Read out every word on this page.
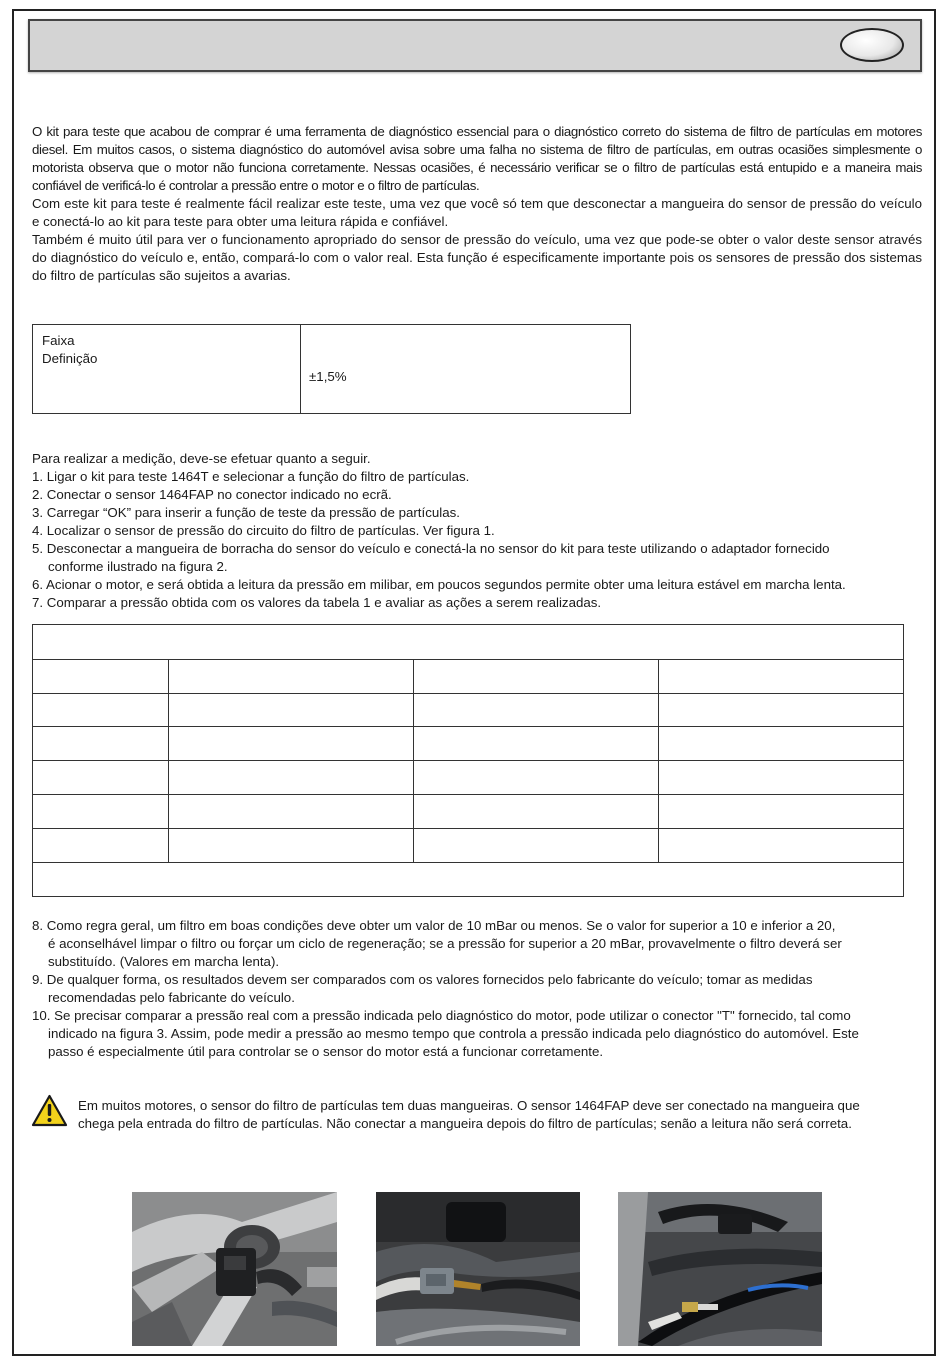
O kit para teste que acabou de comprar é uma ferramenta de diagnóstico essencial para o diagnóstico correto do sistema de filtro de partículas em motores diesel. Em muitos casos, o sistema diagnóstico do automóvel avisa sobre uma falha no sistema de filtro de partículas, em outras ocasiões simplesmente o motorista observa que o motor não funciona corretamente. Nessas ocasiões, é necessário verificar se o filtro de partículas está entupido e a maneira mais confiável de verificá-lo é controlar a pressão entre o motor e o filtro de partículas.

Com este kit para teste é realmente fácil realizar este teste, uma vez que você só tem que desconectar a mangueira do sensor de pressão do veículo e conectá-lo ao kit para teste para obter uma leitura rápida e confiável.

Também é muito útil para ver o funcionamento apropriado do sensor de pressão do veículo, uma vez que pode-se obter o valor deste sensor através do diagnóstico do veículo e, então, compará-lo com o valor real. Esta função é especificamente importante pois os sensores de pressão dos sistemas do filtro de partículas são sujeitos a avarias.

Faixa
Definição
±1,5%
Para realizar a medição, deve-se efetuar quanto a seguir.
1. Ligar o kit para teste 1464T e selecionar a função do filtro de partículas.
2. Conectar o sensor 1464FAP no conector indicado no ecrã.
3. Carregar “OK” para inserir a função de teste da pressão de partículas.
4. Localizar o sensor de pressão do circuito do filtro de partículas. Ver figura 1.
5. Desconectar a mangueira de borracha do sensor do veículo e conectá-la no sensor do kit para teste utilizando o adaptador fornecido
conforme ilustrado na figura 2.
6. Acionar o motor, e será obtida a leitura da pressão em milibar, em poucos segundos permite obter uma leitura estável em marcha lenta.
7. Comparar a pressão obtida com os valores da tabela 1 e avaliar as ações a serem realizadas.
8. Como regra geral, um filtro em boas condições deve obter um valor de 10 mBar ou menos. Se o valor for superior a 10 e inferior a 20,
é aconselhável limpar o filtro ou forçar um ciclo de regeneração; se a pressão for superior a 20 mBar, provavelmente o filtro deverá ser
substituído. (Valores em marcha lenta).
9. De qualquer forma, os resultados devem ser comparados com os valores fornecidos pelo fabricante do veículo; tomar as medidas
recomendadas pelo fabricante do veículo.
10. Se precisar comparar a pressão real com a pressão indicada pelo diagnóstico do motor, pode utilizar o conector "T" fornecido, tal como
indicado na figura 3. Assim, pode medir a pressão ao mesmo tempo que controla a pressão indicada pelo diagnóstico do automóvel. Este
passo é especialmente útil para controlar se o sensor do motor está a funcionar corretamente.
Em muitos motores, o sensor do filtro de partículas tem duas mangueiras. O sensor 1464FAP deve ser conectado na mangueira que
chega pela entrada do filtro de partículas. Não conectar a mangueira depois do filtro de partículas; senão a leitura não será correta.
